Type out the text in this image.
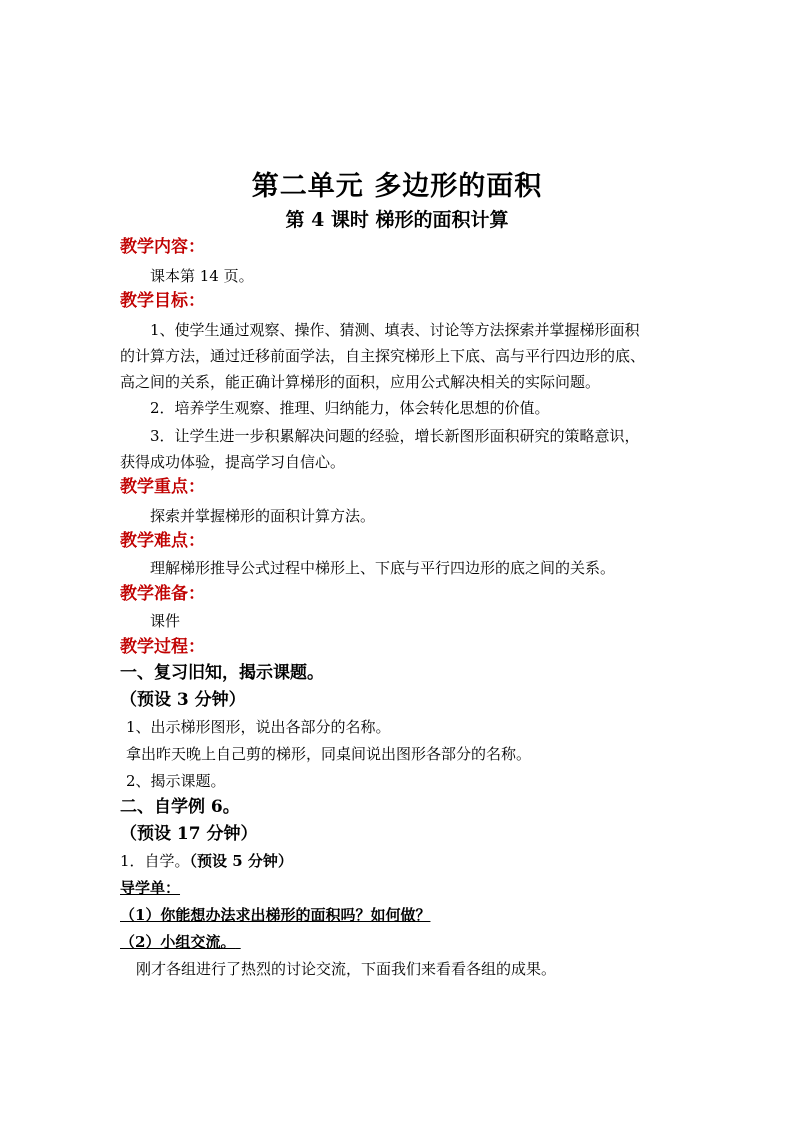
第二单元 多边形的面积
第 4 课时 梯形的面积计算
教学内容：
课本第 14 页。
教学目标：
1、使学生通过观察、操作、猜测、填表、讨论等方法探索并掌握梯形面积
的计算方法，通过迁移前面学法，自主探究梯形上下底、高与平行四边形的底、
高之间的关系，能正确计算梯形的面积，应用公式解决相关的实际问题。
2．培养学生观察、推理、归纳能力，体会转化思想的价值。
3．让学生进一步积累解决问题的经验，增长新图形面积研究的策略意识，
获得成功体验，提高学习自信心。
教学重点：
探索并掌握梯形的面积计算方法。
教学难点：
理解梯形推导公式过程中梯形上、下底与平行四边形的底之间的关系。
教学准备：
课件
教学过程：
一、复习旧知，揭示课题。
（预设 3 分钟）
1、出示梯形图形，说出各部分的名称。
拿出昨天晚上自己剪的梯形，同桌间说出图形各部分的名称。
2、揭示课题。
二、自学例 6。
（预设 17 分钟）
1．自学。（预设 5 分钟）
导学单：
（1）你能想办法求出梯形的面积吗？如何做？
（2）小组交流。
刚才各组进行了热烈的讨论交流，下面我们来看看各组的成果。
